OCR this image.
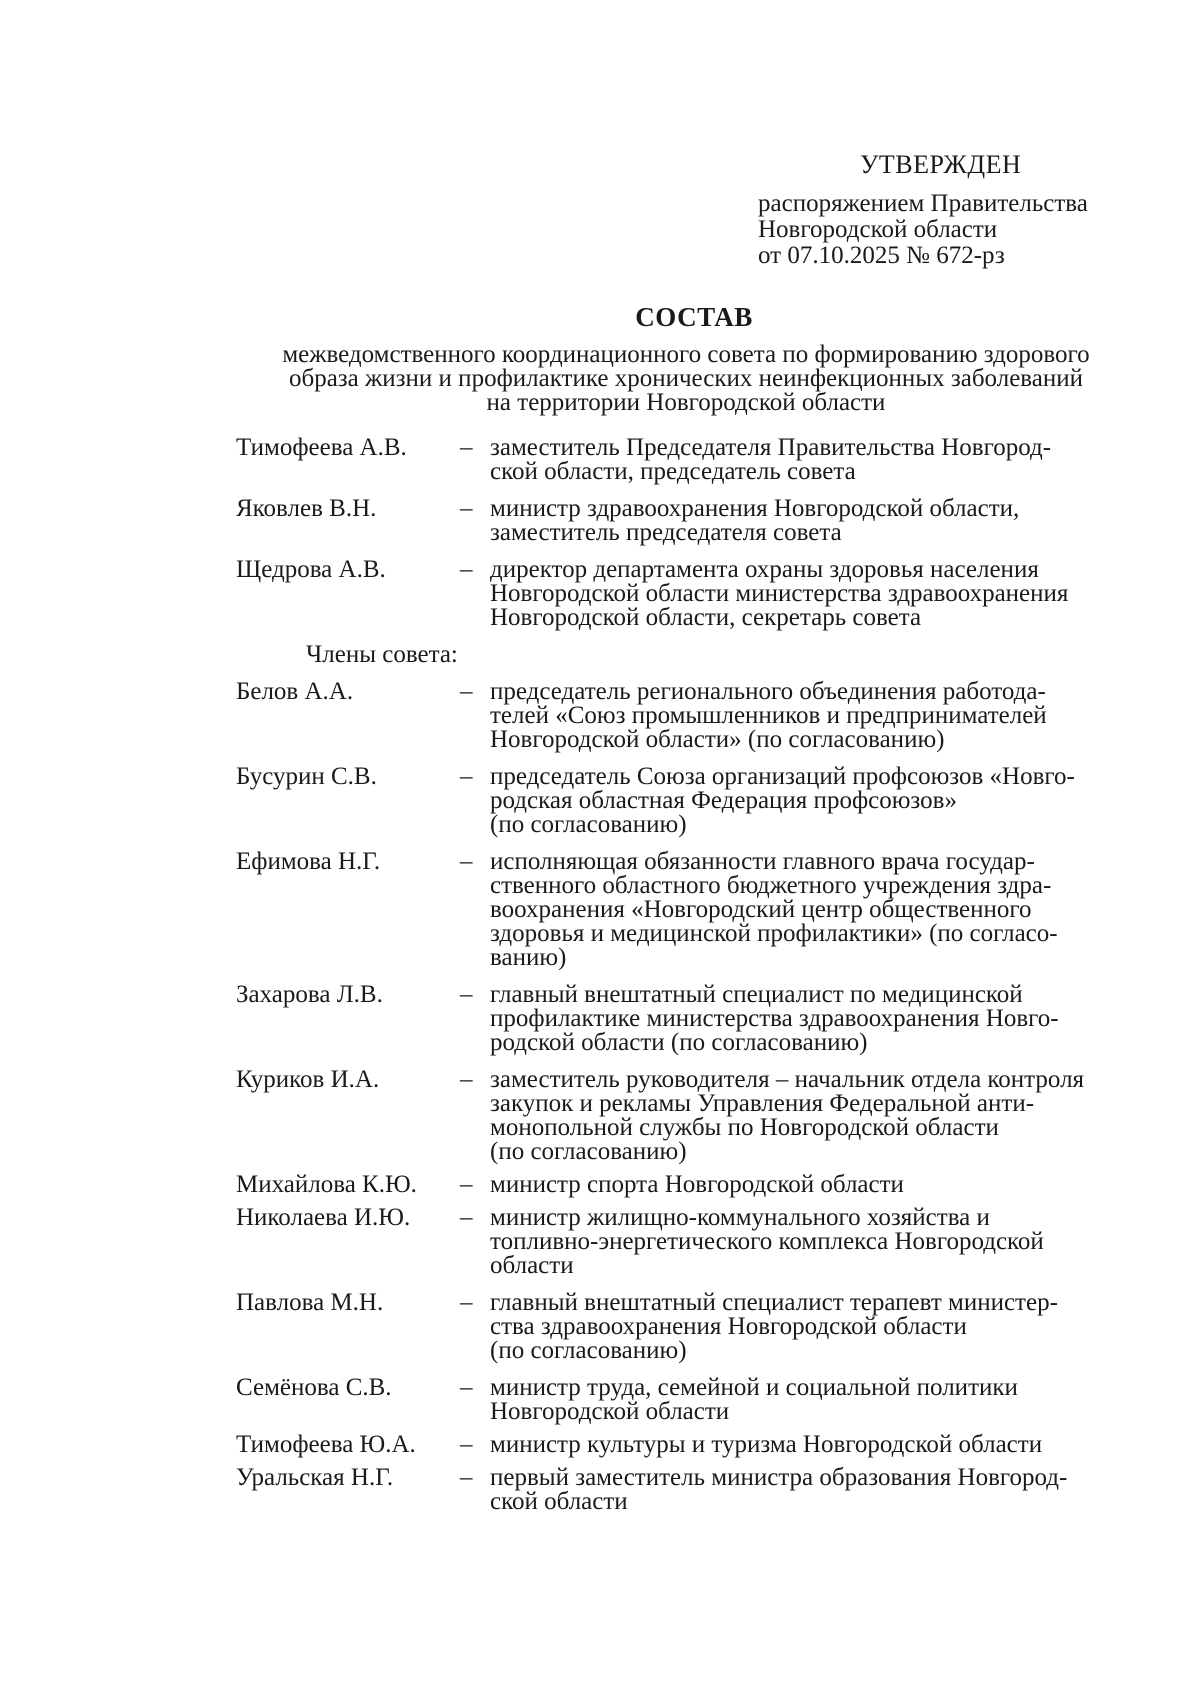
УТВЕРЖДЕН
распоряжением Правительства
Новгородской области
от 07.10.2025 № 672-рз
СОСТАВ
межведомственного координационного совета по формированию здорового
образа жизни и профилактике хронических неинфекционных заболеваний
на территории Новгородской области
Тимофеева А.В.	– заместитель Председателя Правительства Новгород-
ской области, председатель совета
Яковлев В.Н.	– министр здравоохранения Новгородской области,
заместитель председателя совета
Щедрова А.В.	– директор департамента охраны здоровья населения
Новгородской области министерства здравоохранения
Новгородской области, секретарь совета
Члены совета:
Белов А.А.	– председатель регионального объединения работода-
телей «Союз промышленников и предпринимателей
Новгородской области» (по согласованию)
Бусурин С.В.	– председатель Союза организаций профсоюзов «Новго-
родская областная Федерация профсоюзов»
(по согласованию)
Ефимова Н.Г.	– исполняющая обязанности главного врача государ-
ственного областного бюджетного учреждения здра-
воохранения «Новгородский центр общественного
здоровья и медицинской профилактики» (по согласо-
ванию)
Захарова Л.В.	– главный внештатный специалист по медицинской
профилактике министерства здравоохранения Новго-
родской области (по согласованию)
Куриков И.А.	– заместитель руководителя – начальник отдела контроля
закупок и рекламы Управления Федеральной анти-
монопольной службы по Новгородской области
(по согласованию)
Михайлова К.Ю.	– министр спорта Новгородской области
Николаева И.Ю.	– министр жилищно-коммунального хозяйства и
топливно-энергетического комплекса Новгородской
области
Павлова М.Н.	– главный внештатный специалист терапевт министер-
ства здравоохранения Новгородской области
(по согласованию)
Семёнова С.В.	– министр труда, семейной и социальной политики
Новгородской области
Тимофеева Ю.А.	– министр культуры и туризма Новгородской области
Уральская Н.Г.	– первый заместитель министра образования Новгород-
ской области
